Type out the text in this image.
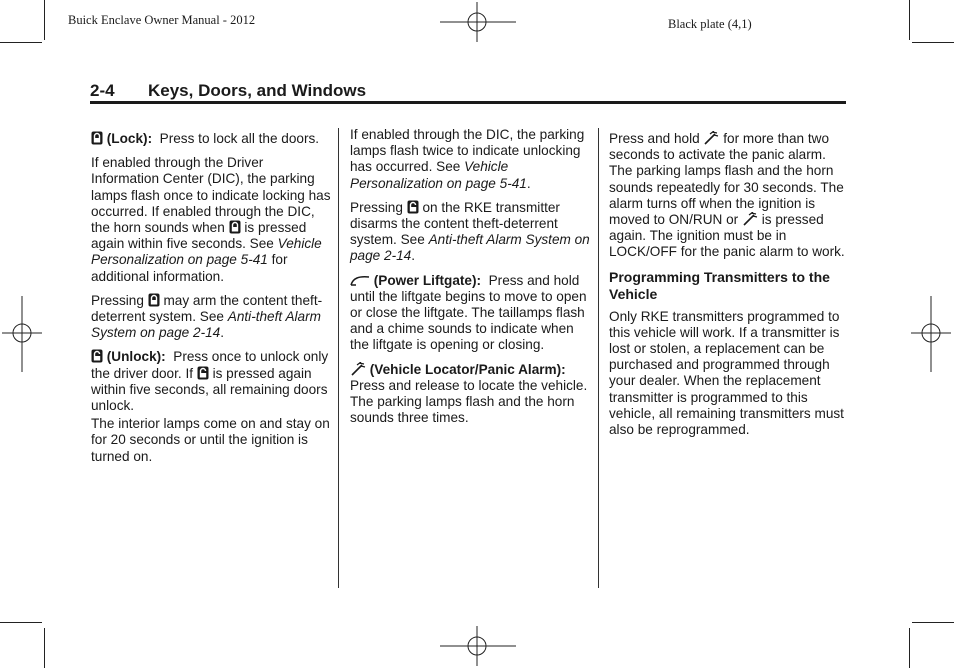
Buick Enclave Owner Manual - 2012	Black plate (4,1)
2-4 Keys, Doors, and Windows

(Lock): Press to lock all the doors.

If enabled through the Driver Information Center (DIC), the parking lamps flash once to indicate locking has occurred. If enabled through the DIC, the horn sounds when is pressed again within five seconds. See Vehicle Personalization on page 5-41 for additional information.

Pressing may arm the content theft-deterrent system. See Anti-theft Alarm System on page 2-14.

(Unlock): Press once to unlock only the driver door. If is pressed again within five seconds, all remaining doors unlock.

The interior lamps come on and stay on for 20 seconds or until the ignition is turned on.

If enabled through the DIC, the parking lamps flash twice to indicate unlocking has occurred. See Vehicle Personalization on page 5-41.

Pressing on the RKE transmitter disarms the content theft-deterrent system. See Anti-theft Alarm System on page 2-14.

(Power Liftgate): Press and hold until the liftgate begins to move to open or close the liftgate. The taillamps flash and a chime sounds to indicate when the liftgate is opening or closing.

(Vehicle Locator/Panic Alarm):  Press and release to locate the vehicle. The parking lamps flash and the horn sounds three times.

Press and hold for more than two seconds to activate the panic alarm. The parking lamps flash and the horn sounds repeatedly for 30 seconds. The alarm turns off when the ignition is moved to ON/RUN or is pressed again. The ignition must be in LOCK/OFF for the panic alarm to work.

Programming Transmitters to the Vehicle

Only RKE transmitters programmed to this vehicle will work. If a transmitter is lost or stolen, a replacement can be purchased and programmed through your dealer. When the replacement transmitter is programmed to this vehicle, all remaining transmitters must also be reprogrammed.
